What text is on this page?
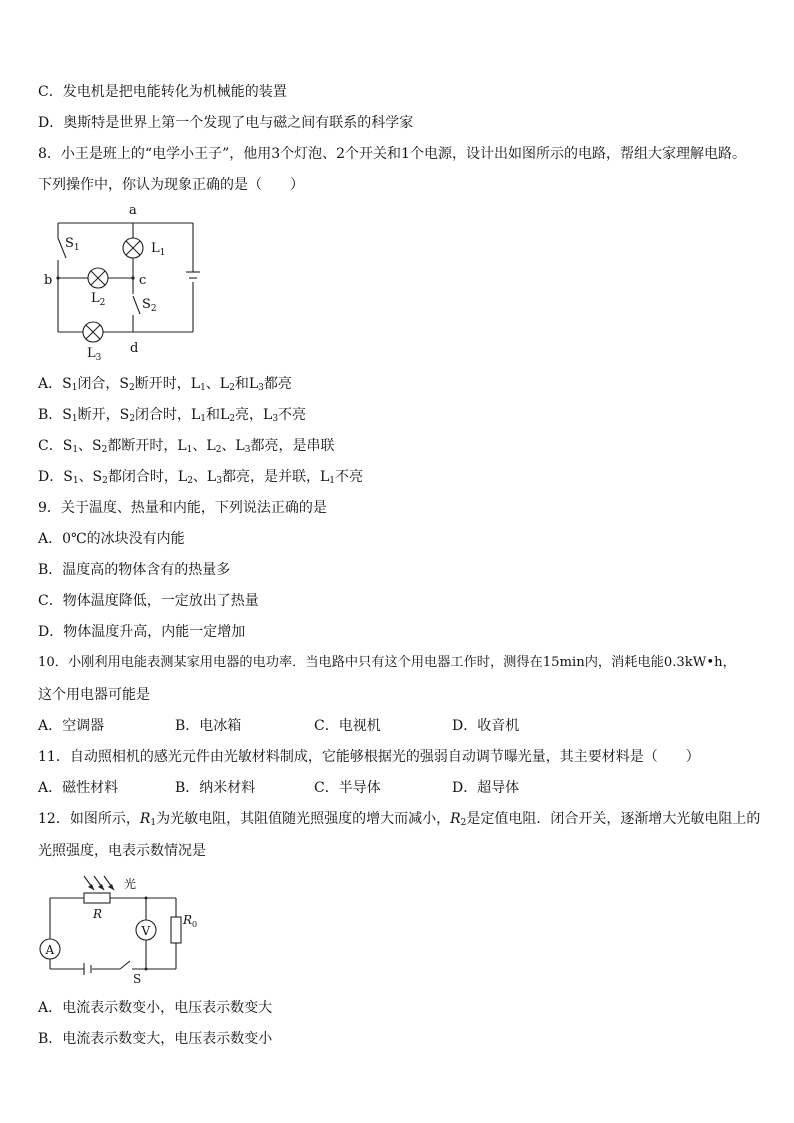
C．发电机是把电能转化为机械能的装置
D．奥斯特是世界上第一个发现了电与磁之间有联系的科学家
8．小王是班上的“电学小王子”，他用3个灯泡、2个开关和1个电源，设计出如图所示的电路，帮组大家理解电路。
下列操作中，你认为现象正确的是（　　）
a
b	c
d
$S_1$
$S_2$
$L_1$
$L_2$
$L_3$
A．$S_1$闭合，$S_2$断开时，$L_1$、$L_2$和$L_3$都亮
B．$S_1$断开，$S_2$闭合时，$L_1$和$L_2$亮，$L_3$不亮
C．$S_1$、$S_2$都断开时，$L_1$、$L_2$、$L_3$都亮，是串联
D．$S_1$、$S_2$都闭合时，$L_2$、$L_3$都亮，是并联，$L_1$不亮
9．关于温度、热量和内能，下列说法正确的是
A．0℃的冰块没有内能
B．温度高的物体含有的热量多
C．物体温度降低，一定放出了热量
D．物体温度升高，内能一定增加
10．小刚利用电能表测某家用电器的电功率．当电路中只有这个用电器工作时，测得在15min内，消耗电能0.3kW•h，
这个用电器可能是
A．空调器	B．电冰箱	C．电视机	D．收音机
11．自动照相机的感光元件由光敏材料制成，它能够根据光的强弱自动调节曝光量，其主要材料是（　　）
A．磁性材料	B．纳米材料	C．半导体	D．超导体
12．如图所示，$R_1$为光敏电阻，其阻值随光照强度的增大而减小，$R_2$是定值电阻．闭合开关，逐渐增大光敏电阻上的
光照强度，电表示数情况是
A
V
光
R	$R_0$
S
A．电流表示数变小，电压表示数变大
B．电流表示数变大，电压表示数变小
